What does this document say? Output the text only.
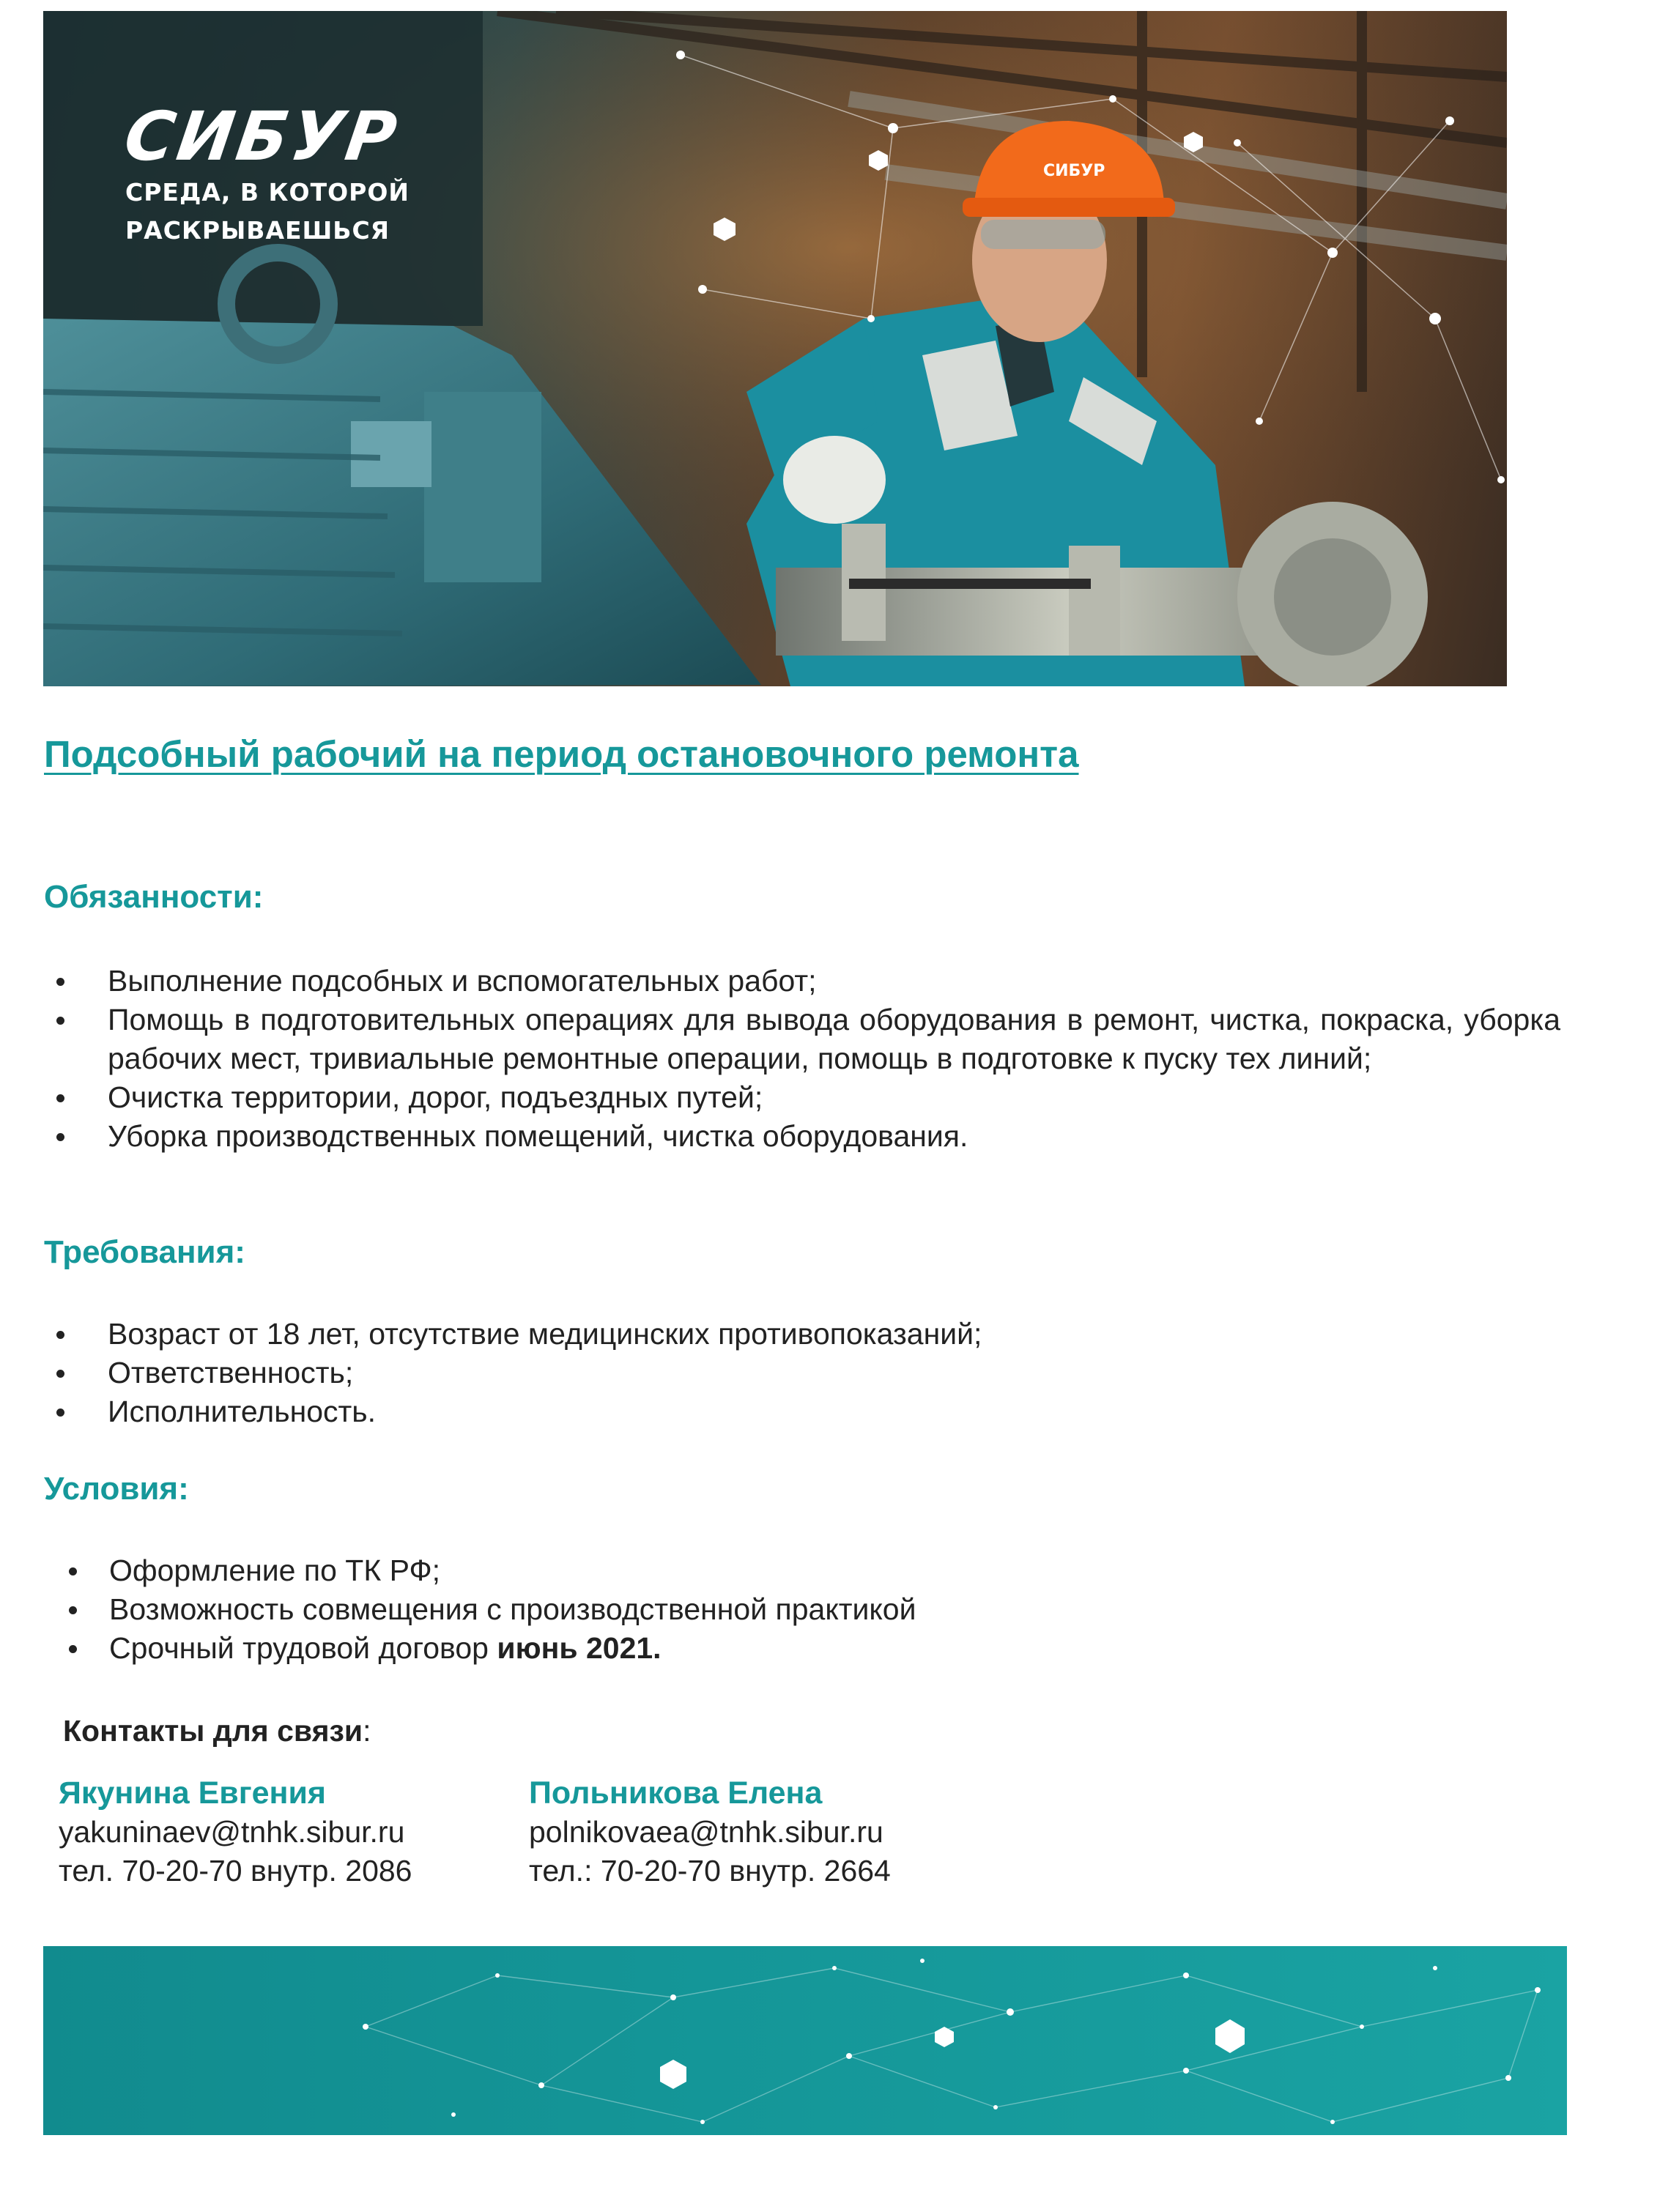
СИБУР
СИБУР
СРЕДА, В КОТОРОЙ
РАСКРЫВАЕШЬСЯ
Подсобный рабочий на период остановочного ремонта
Обязанности:
Выполнение подсобных и вспомогательных работ;
Помощь в подготовительных операциях для вывода оборудования в ремонт, чистка, покраска, уборка рабочих мест, тривиальные ремонтные операции, помощь в подготовке к пуску тех линий;
Очистка территории, дорог, подъездных путей;
Уборка производственных помещений, чистка оборудования.
Требования:
Возраст от 18 лет, отсутствие медицинских противопоказаний;
Ответственность;
Исполнительность.
Условия:
Оформление по ТК РФ;
Возможность совмещения с производственной практикой
Срочный трудовой договор июнь 2021.
Контакты для связи:
Якунина Евгения
yakuninaev@tnhk.sibur.ru
тел. 70-20-70 внутр. 2086
Польникова Елена
polnikovaea@tnhk.sibur.ru
тел.: 70-20-70 внутр. 2664
